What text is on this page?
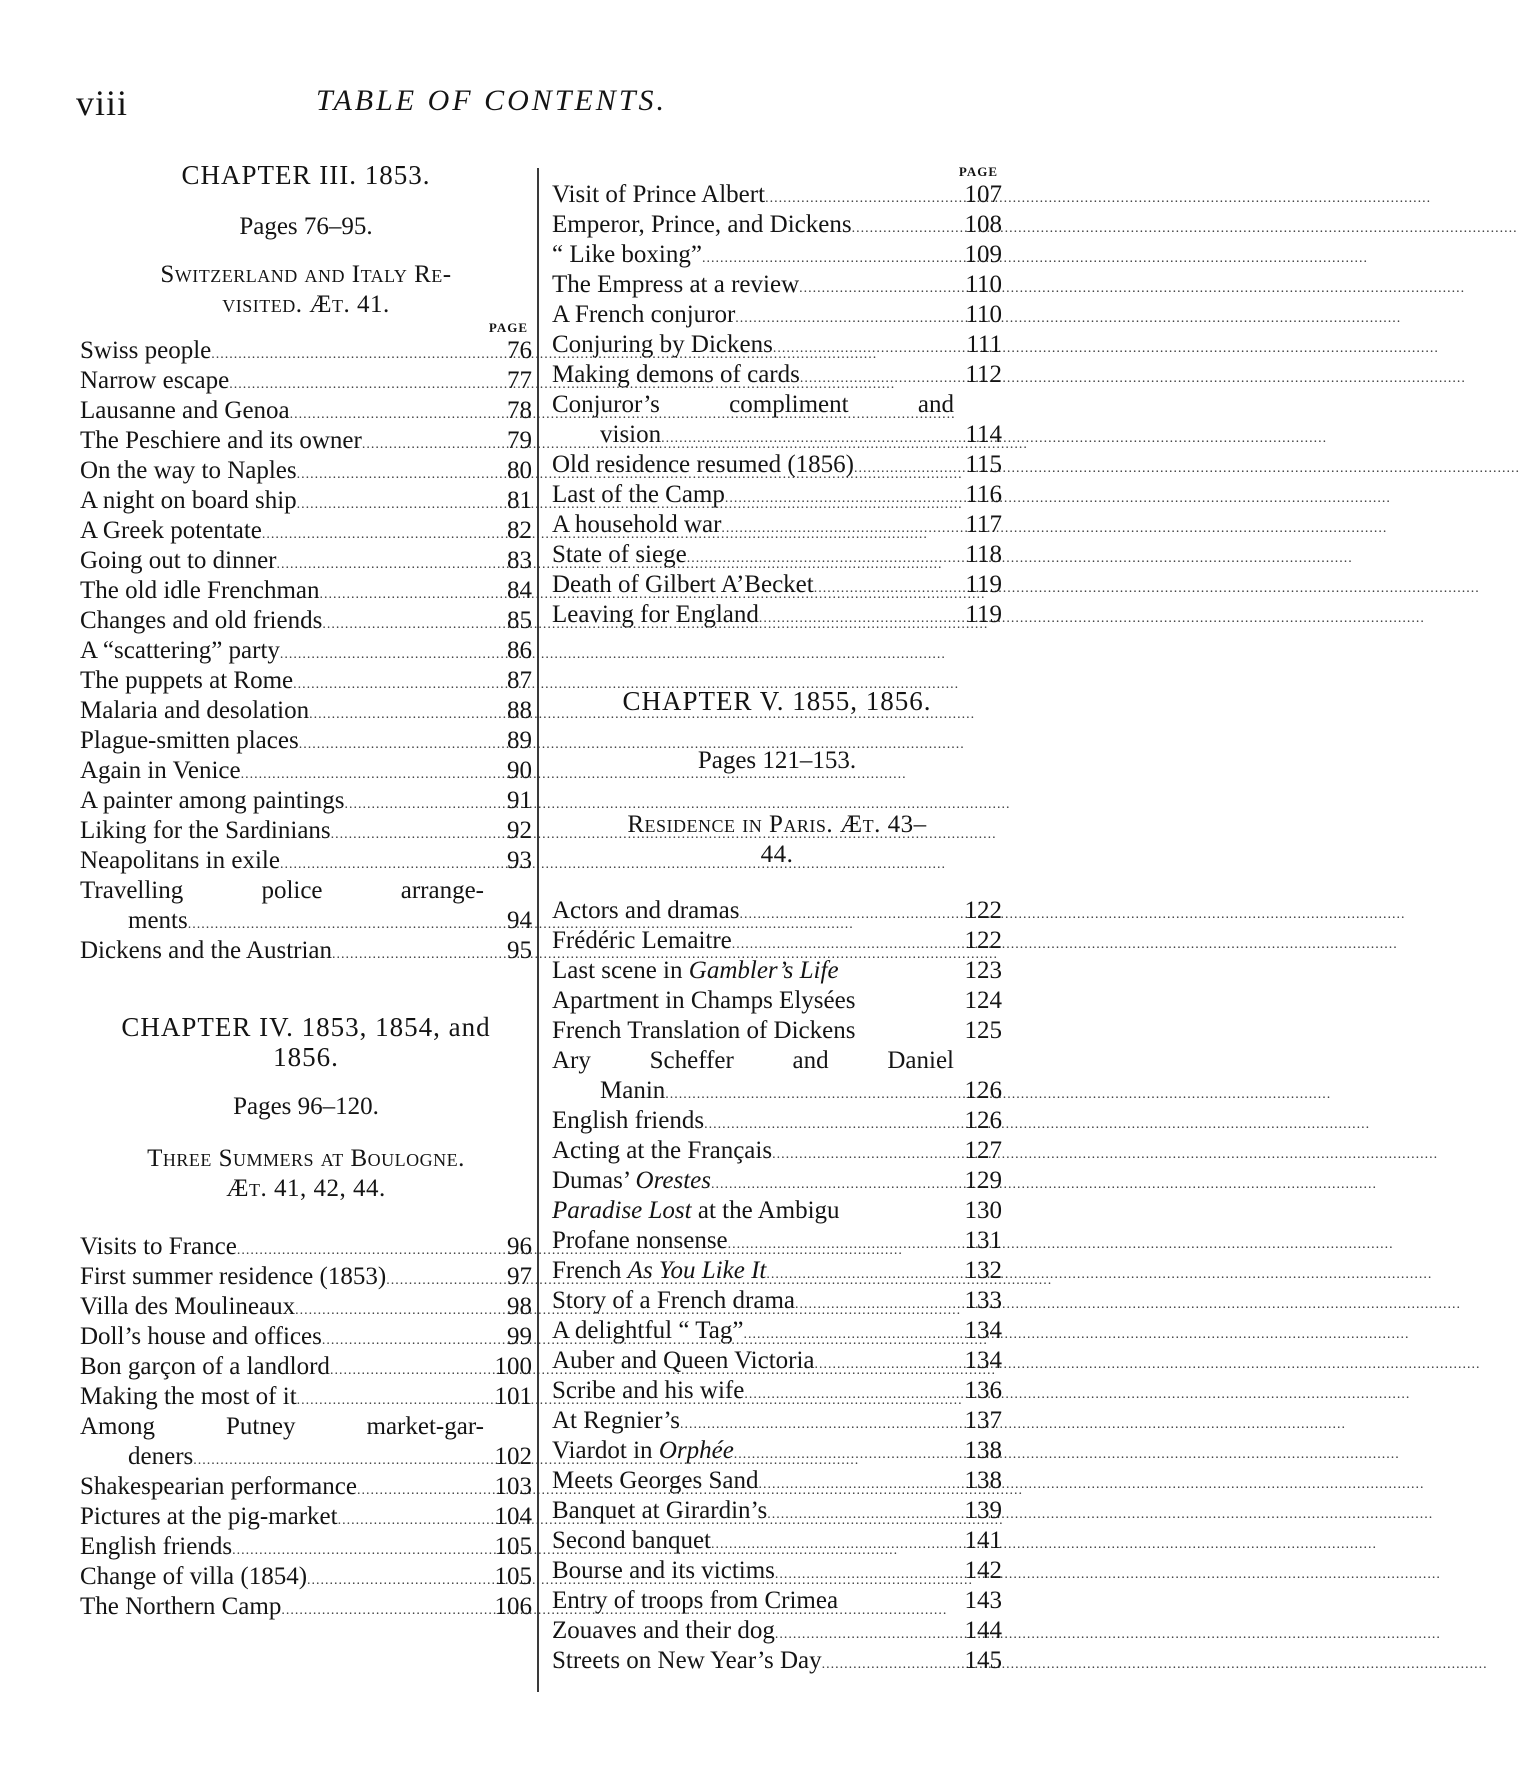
viii	TABLE OF CONTENTS.
CHAPTER III. 1853.
Pages 76–95.
Switzerland and Italy Re-
visited. Æt. 41.
PAGE
Swiss people .....	76
Narrow escape .....	77
Lausanne and Genoa .....	78
The Peschiere and its owner .....	79
On the way to Naples .....	80
A night on board ship .....	81
A Greek potentate .....	82
Going out to dinner .....	83
The old idle Frenchman .....	84
Changes and old friends .....	85
A “scattering” party .....	86
The puppets at Rome .....	87
Malaria and desolation .....	88
Plague-smitten places .....	89
Again in Venice .....	90
A painter among paintings .....	91
Liking for the Sardinians .....	92
Neapolitans in exile .....	93
Travelling police arrange-
ments .....	94
Dickens and the Austrian .....	95
CHAPTER IV. 1853, 1854, and
1856.
Pages 96–120.
Three Summers at Boulogne.
Æt. 41, 42, 44.
Visits to France .....	96
First summer residence (1853) .....	97
Villa des Moulineaux .....	98
Doll’s house and offices .....	99
Bon garçon of a landlord .....	100
Making the most of it .....	101
Among Putney market-gar-
deners .....	102
Shakespearian performance .....	103
Pictures at the pig-market .....	104
English friends .....	105
Change of villa (1854) .....	105
The Northern Camp .....	106
PAGE
Visit of Prince Albert .....	107
Emperor, Prince, and Dickens .....	108
“ Like boxing” .....	109
The Empress at a review .....	110
A French conjuror .....	110
Conjuring by Dickens .....	111
Making demons of cards .....	112
Conjuror’s compliment and
vision .....	114
Old residence resumed (1856) .....	115
Last of the Camp .....	116
A household war .....	117
State of siege .....	118
Death of Gilbert A’Becket .....	119
Leaving for England .....	119
CHAPTER V. 1855, 1856.
Pages 121–153.
Residence in Paris. Æt. 43–
44.
Actors and dramas .....	122
Frédéric Lemaitre .....	122
Last scene in Gambler’s Life	123
Apartment in Champs Elysées	124
French Translation of Dickens	125
Ary Scheffer and Daniel
Manin .....	126
English friends .....	126
Acting at the Français .....	127
Dumas’ Orestes .....	129
Paradise Lost at the Ambigu	130
Profane nonsense .....	131
French As You Like It .....	132
Story of a French drama .....	133
A delightful “ Tag” .....	134
Auber and Queen Victoria .....	134
Scribe and his wife .....	136
At Regnier’s .....	137
Viardot in Orphée .....	138
Meets Georges Sand .....	138
Banquet at Girardin’s .....	139
Second banquet .....	141
Bourse and its victims .....	142
Entry of troops from Crimea	143
Zouaves and their dog .....	144
Streets on New Year’s Day .....	145
